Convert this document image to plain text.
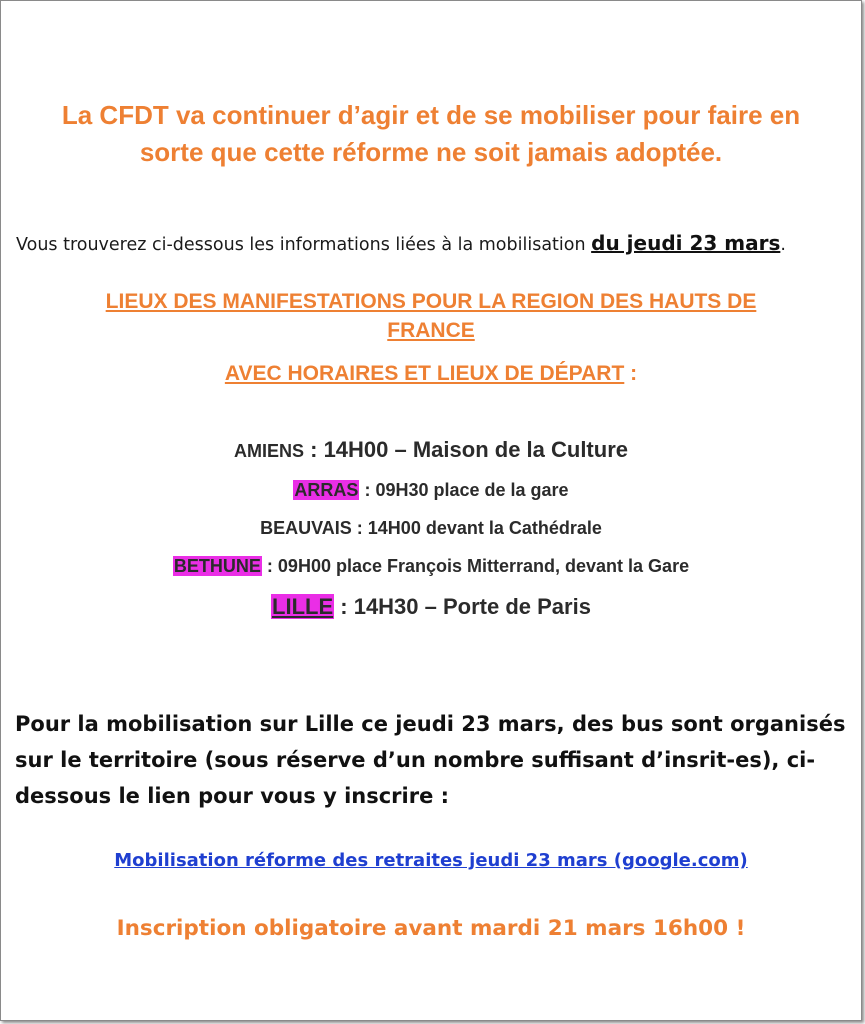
La CFDT va continuer d’agir et de se mobiliser pour faire en
sorte que cette réforme ne soit jamais adoptée.
Vous trouverez ci-dessous les informations liées à la mobilisation du jeudi 23 mars.
LIEUX DES MANIFESTATIONS POUR LA REGION DES HAUTS DE
FRANCE
AVEC HORAIRES ET LIEUX DE DÉPART :
AMIENS : 14H00 – Maison de la Culture
ARRAS : 09H30 place de la gare
BEAUVAIS : 14H00 devant la Cathédrale
BETHUNE : 09H00 place François Mitterrand, devant la Gare
LILLE : 14H30 – Porte de Paris
Pour la mobilisation sur Lille ce jeudi 23 mars, des bus sont organisés sur le territoire (sous réserve d’un nombre suffisant d’insrit-es), ci-dessous le lien pour vous y inscrire :
Mobilisation réforme des retraites jeudi 23 mars (google.com)
Inscription obligatoire avant mardi 21 mars 16h00 !
